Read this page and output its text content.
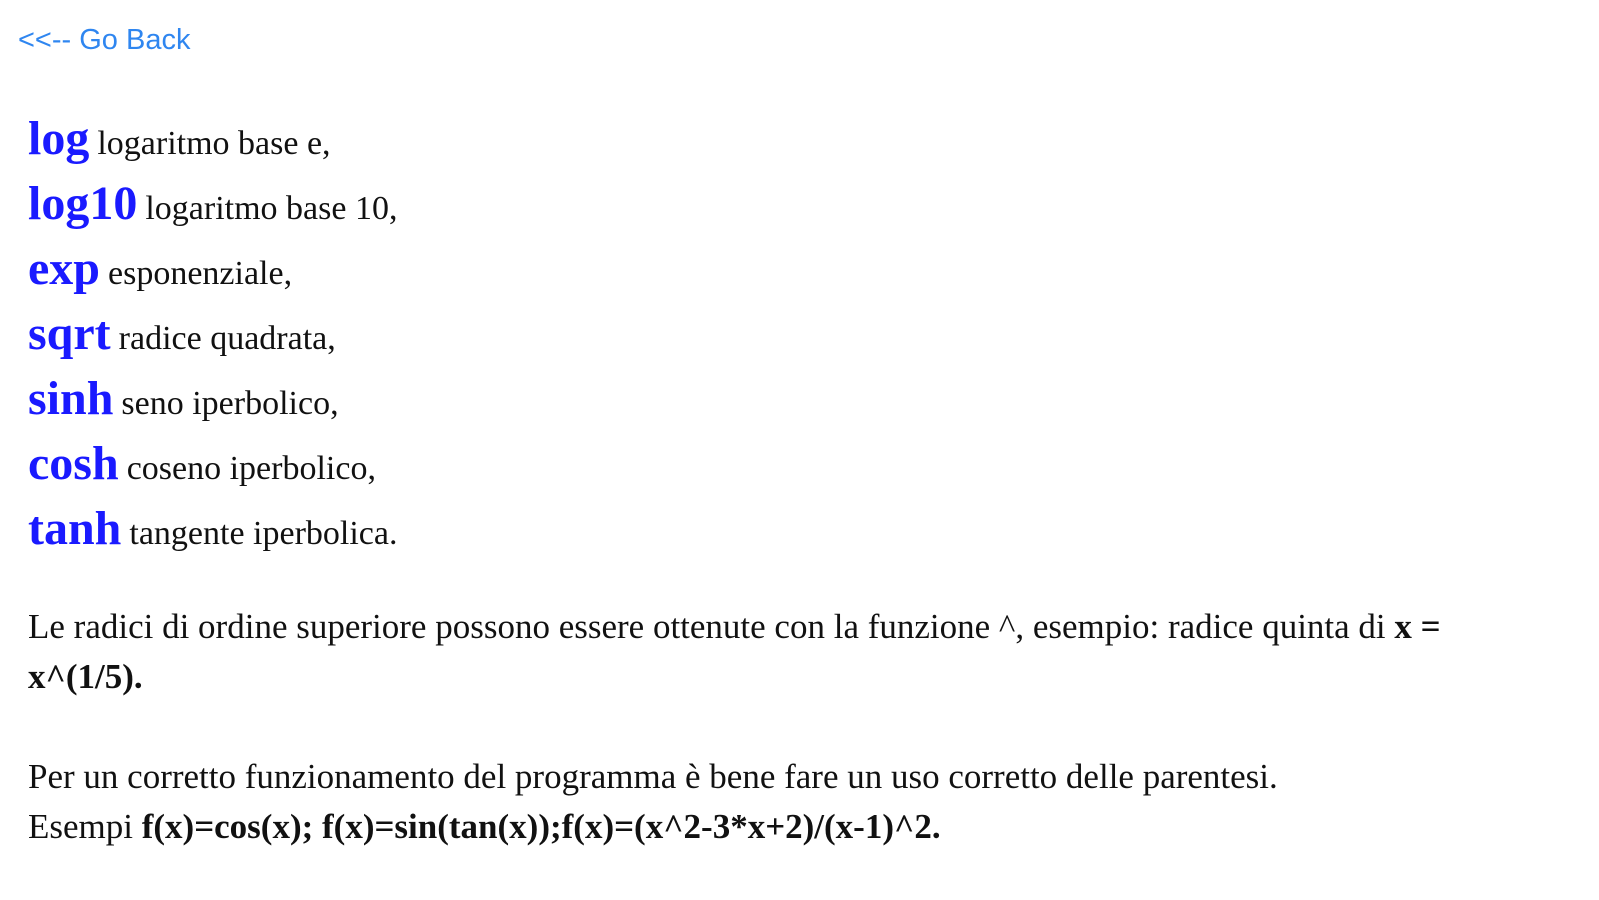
<<-- Go Back
log logaritmo base e,
log10 logaritmo base 10,
exp esponenziale,
sqrt radice quadrata,
sinh seno iperbolico,
cosh coseno iperbolico,
tanh tangente iperbolica.

Le radici di ordine superiore possono essere ottenute con la funzione ^, esempio: radice quinta di x = x^(1/5).

Per un corretto funzionamento del programma è bene fare un uso corretto delle parentesi.
Esempi f(x)=cos(x); f(x)=sin(tan(x));f(x)=(x^2-3*x+2)/(x-1)^2.
